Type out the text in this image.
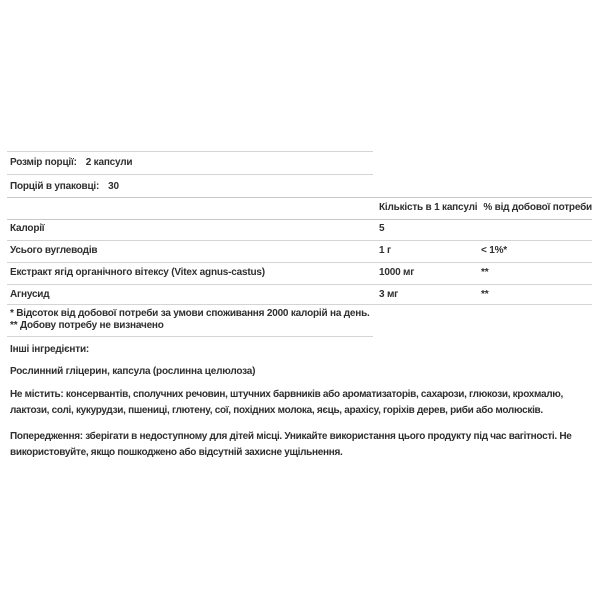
Розмір порції: 2 капсули
Порцій в упаковці: 30
Кількість в 1 капсулі % від добової потреби
Калорії	5
Усього вуглеводів	1 г	< 1%*
Екстракт ягід органічного вітексу (Vitex agnus-castus)	1000 мг	**
Агнусид	3 мг	**
* Відсоток від добової потреби за умови споживання 2000 калорій на день.
** Добову потребу не визначено
Інші інгредієнти:
Рослинний гліцерин, капсула (рослинна целюлоза)
Не містить: консервантів, сполучних речовин, штучних барвників або ароматизаторів, сахарози, глюкози, крохмалю, лактози, солі, кукурудзи, пшениці, глютену, сої, похідних молока, яєць, арахісу, горіхів дерев, риби або молюсків.
Попередження: зберігати в недоступному для дітей місці. Уникайте використання цього продукту під час вагітності. Не використовуйте, якщо пошкоджено або відсутній захисне ущільнення.
